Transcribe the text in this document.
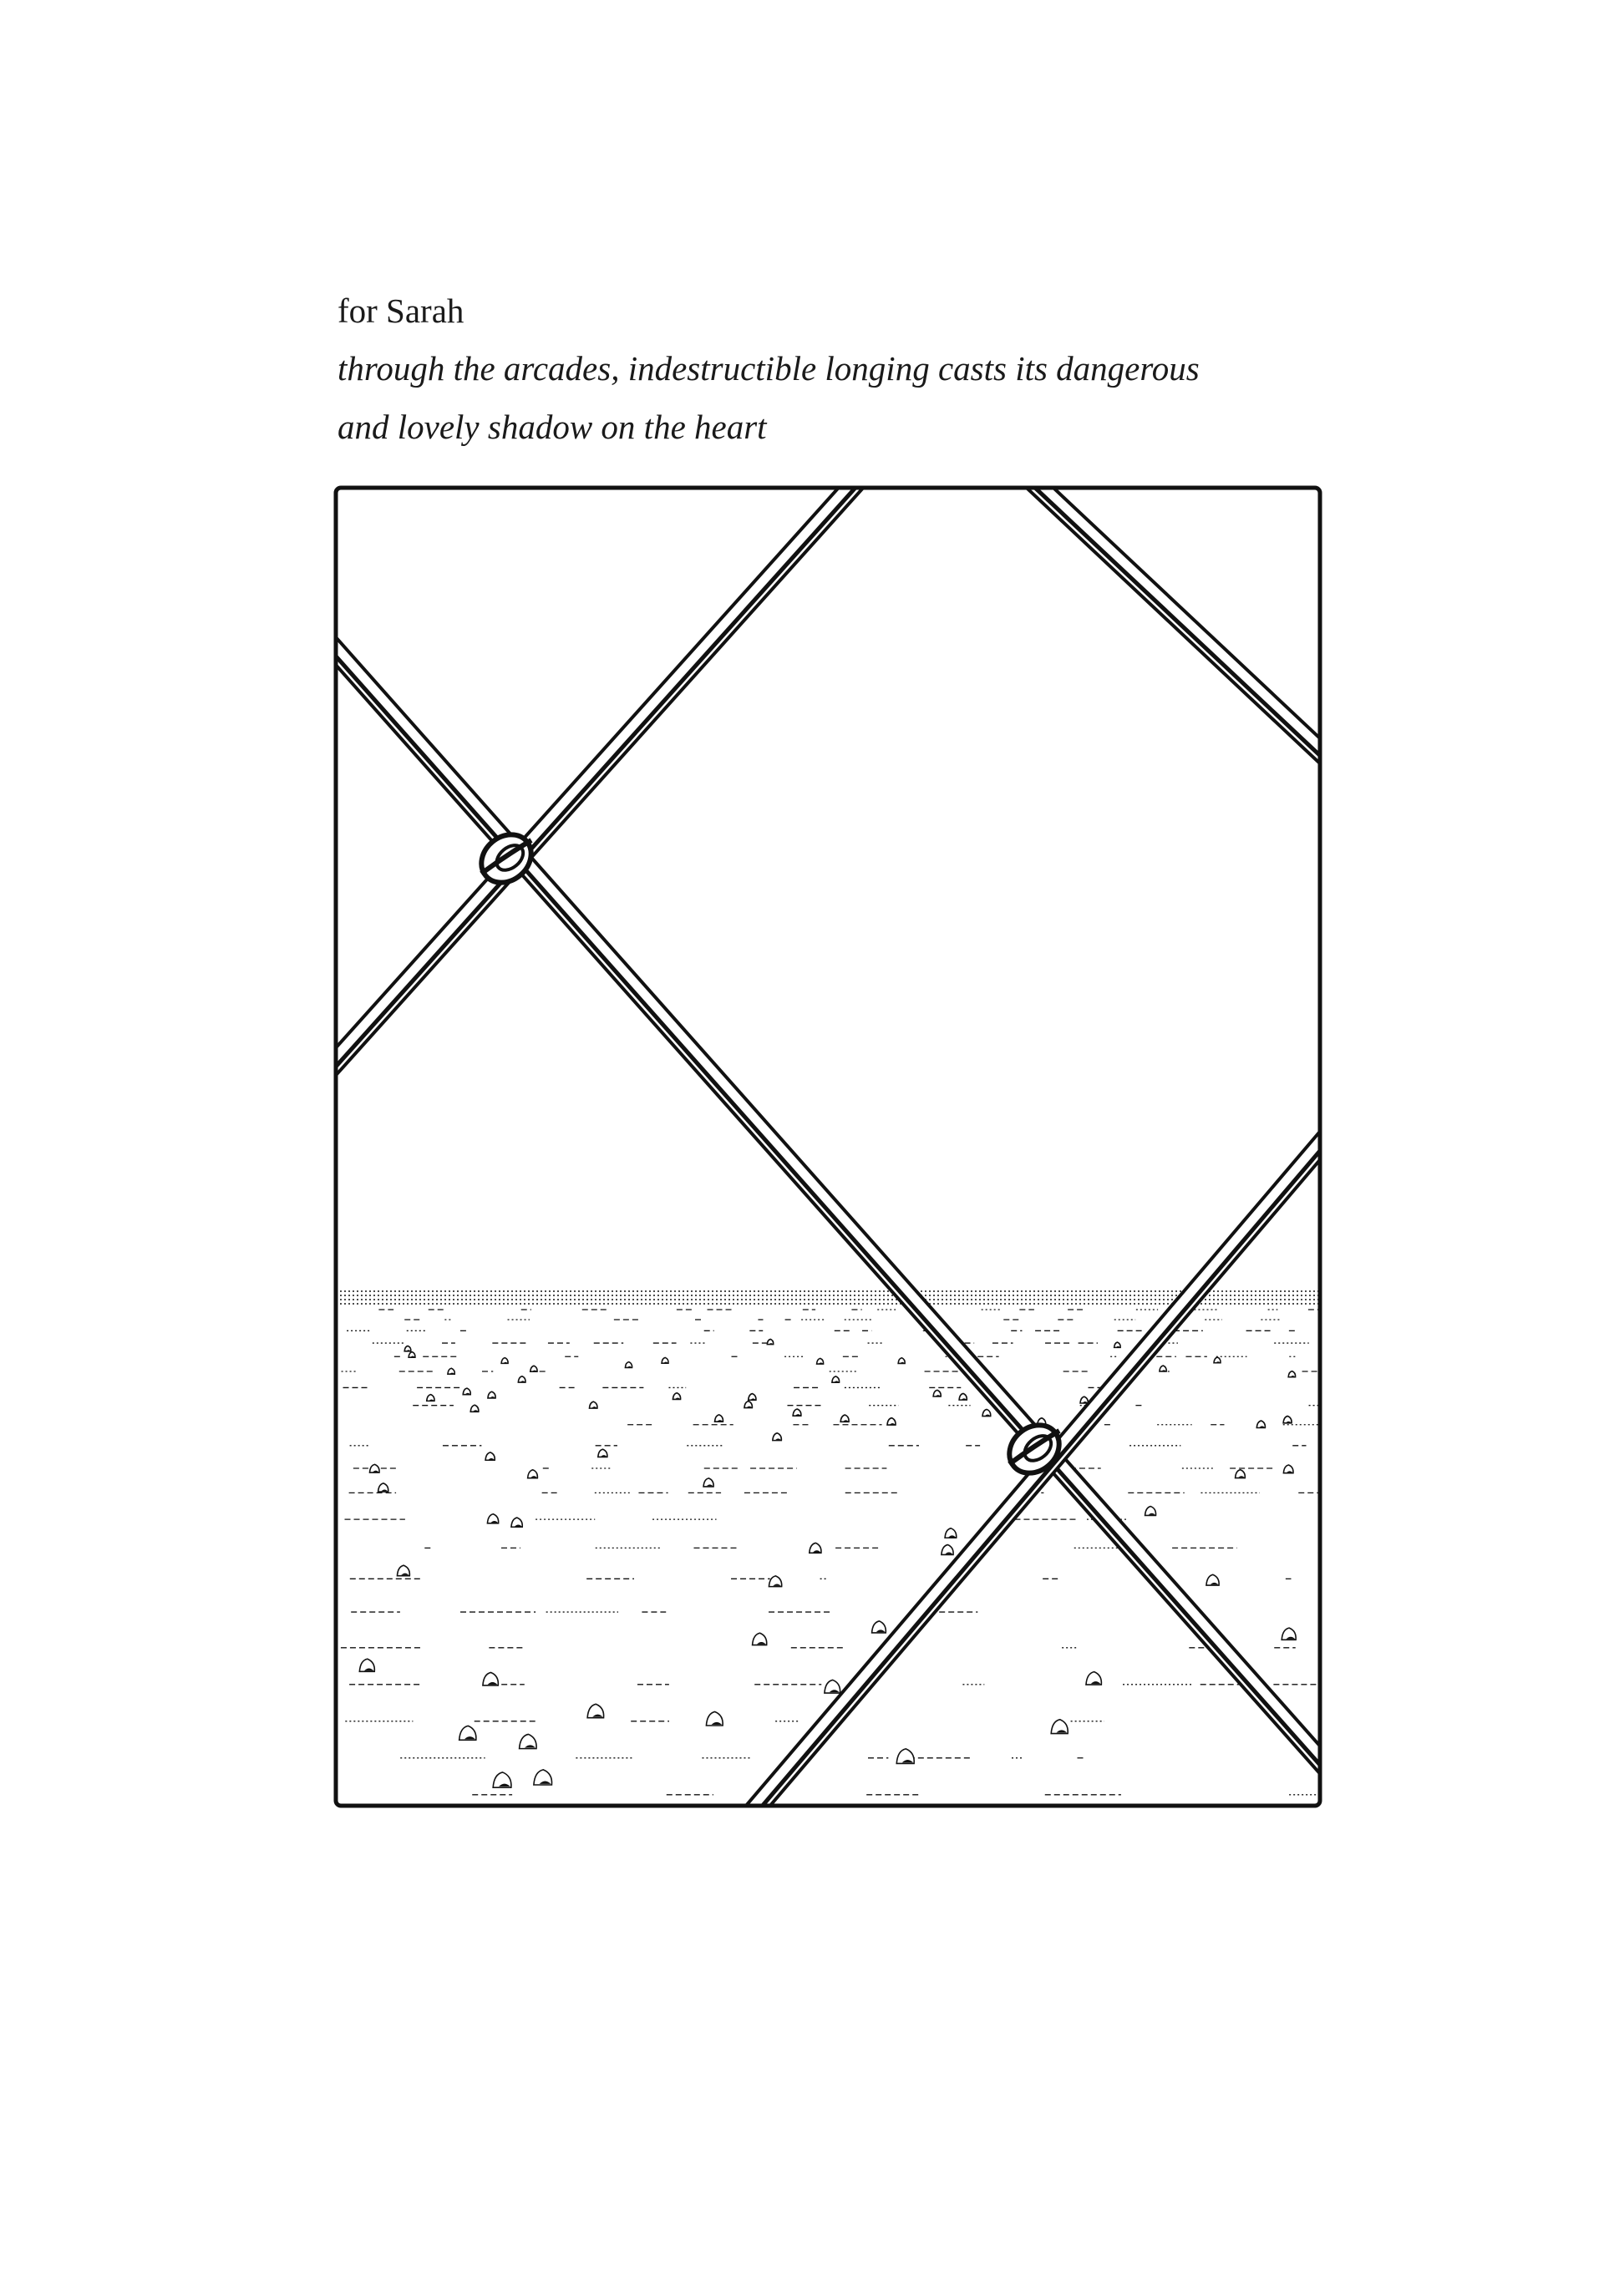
for Sarah

through the arcades, indestructible longing casts its dangerous

and lovely shadow on the heart
